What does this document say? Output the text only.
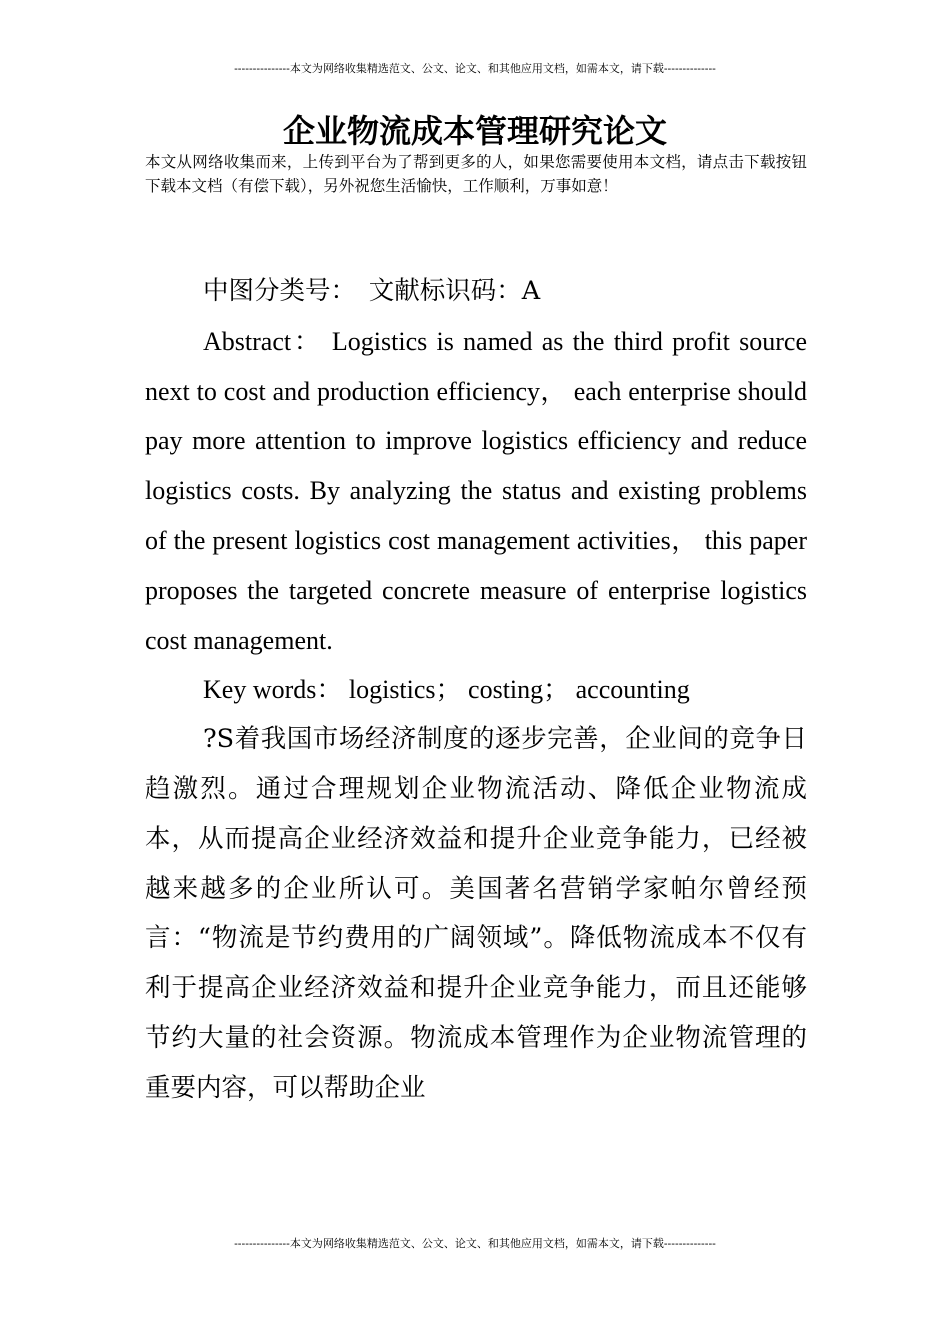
---------------本文为网络收集精选范文、公文、论文、和其他应用文档，如需本文，请下载--------------
企业物流成本管理研究论文
本文从网络收集而来，上传到平台为了帮到更多的人，如果您需要使用本文档，请点击下载按钮下载本文档（有偿下载），另外祝您生活愉快，工作顺利，万事如意！

中图分类号：　文献标识码：A

Abstract： Logistics is named as the third profit source next to cost and production efficiency， each enterprise should pay more attention to improve logistics efficiency and reduce logistics costs. By analyzing the status and existing problems of the present logistics cost management activities， this paper proposes the targeted concrete measure of enterprise logistics cost management.

Key words： logistics； costing； accounting

?S着我国市场经济制度的逐步完善，企业间的竞争日趋激烈。通过合理规划企业物流活动、降低企业物流成本，从而提高企业经济效益和提升企业竞争能力，已经被越来越多的企业所认可。美国著名营销学家帕尔曾经预言：“物流是节约费用的广阔领域”。降低物流成本不仅有利于提高企业经济效益和提升企业竞争能力，而且还能够节约大量的社会资源。物流成本管理作为企业物流管理的重要内容，可以帮助企业

---------------本文为网络收集精选范文、公文、论文、和其他应用文档，如需本文，请下载--------------
